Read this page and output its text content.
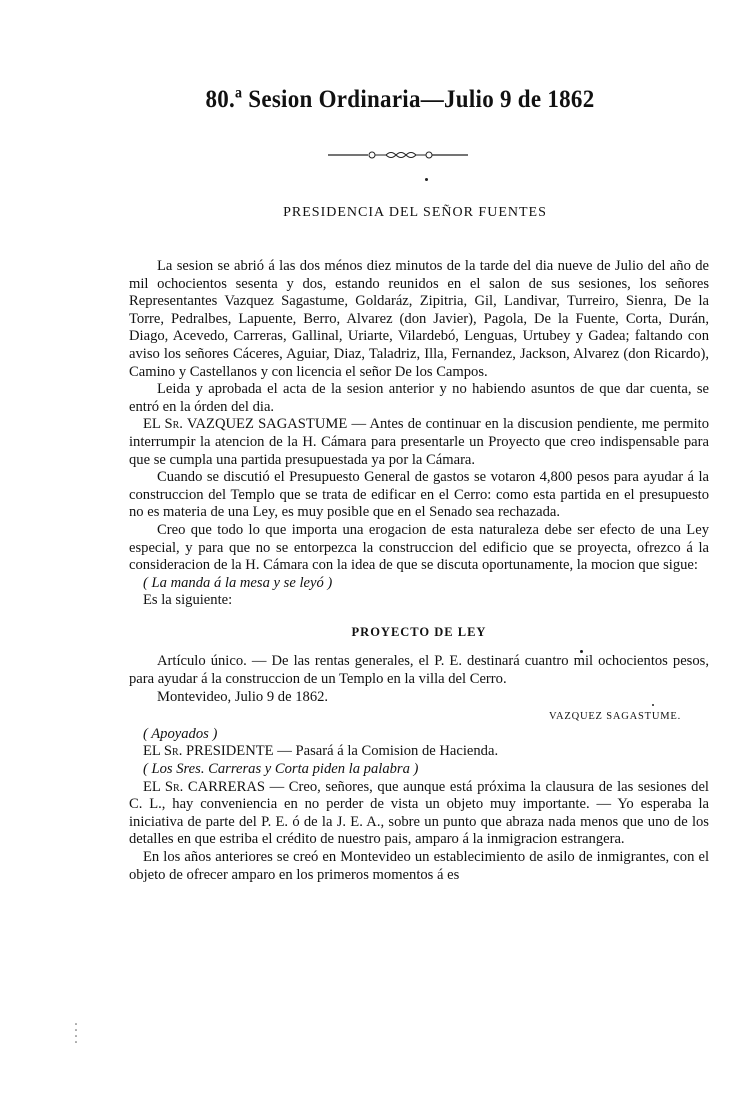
80.ª Sesion Ordinaria—Julio 9 de 1862
PRESIDENCIA DEL SEÑOR FUENTES

La sesion se abrió á las dos ménos diez minutos de la tarde del dia nueve de Julio del año de mil ochocientos sesenta y dos, estando reunidos en el salon de sus sesiones, los señores Representantes Vazquez Sagastume, Goldaráz, Zipitria, Gil, Landivar, Turreiro, Sienra, De la Torre, Pedralbes, Lapuente, Berro, Alvarez (don Javier), Pagola, De la Fuente, Corta, Durán, Diago, Acevedo, Carreras, Gallinal, Uriarte, Vilardebó, Lenguas, Urtubey y Gadea; faltando con aviso los señores Cáceres, Aguiar, Diaz, Taladriz, Illa, Fernandez, Jackson, Alvarez (don Ricardo), Camino y Castellanos y con licencia el señor De los Campos.

Leida y aprobada el acta de la sesion anterior y no habiendo asuntos de que dar cuenta, se entró en la órden del dia.

EL Sr. VAZQUEZ SAGASTUME — Antes de continuar en la discusion pendiente, me permito interrumpir la atencion de la H. Cámara para presentarle un Proyecto que creo indispensable para que se cumpla una partida presupuestada ya por la Cámara.

Cuando se discutió el Presupuesto General de gastos se votaron 4,800 pesos para ayudar á la construccion del Templo que se trata de edificar en el Cerro: como esta partida en el presupuesto no es materia de una Ley, es muy posible que en el Senado sea rechazada.

Creo que todo lo que importa una erogacion de esta naturaleza debe ser efecto de una Ley especial, y para que no se entorpezca la construccion del edificio que se proyecta, ofrezco á la consideracion de la H. Cámara con la idea de que se discuta oportunamente, la mocion que sigue:

( La manda á la mesa y se leyó )

Es la siguiente:

PROYECTO DE LEY

Artículo único. — De las rentas generales, el P. E. destinará cuantro mil ochocientos pesos, para ayudar á la construccion de un Templo en la villa del Cerro.

Montevideo, Julio 9 de 1862.

VAZQUEZ SAGASTUME.

( Apoyados )

EL Sr. PRESIDENTE — Pasará á la Comision de Hacienda.

( Los Sres. Carreras y Corta piden la palabra )

EL Sr. CARRERAS — Creo, señores, que aunque está próxima la clausura de las sesiones del C. L., hay conveniencia en no perder de vista un objeto muy importante. — Yo esperaba la iniciativa de parte del P. E. ó de la J. E. A., sobre un punto que abraza nada menos que uno de los detalles en que estriba el crédito de nuestro pais, amparo á la inmigracion estrangera.

En los años anteriores se creó en Montevideo un establecimiento de asilo de inmigrantes, con el objeto de ofrecer amparo en los primeros momentos á es
